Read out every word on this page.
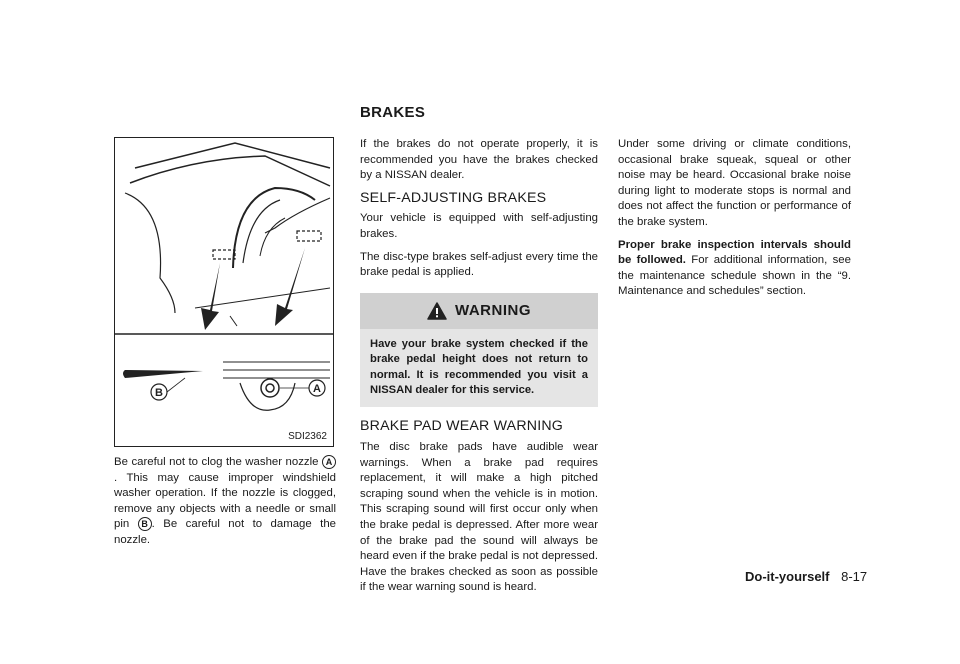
B	A
SDI2362

Be careful not to clog the washer nozzle A. This may cause improper windshield washer operation. If the nozzle is clogged, remove any objects with a needle or small pin B . Be careful not to damage the nozzle.

BRAKES

If the brakes do not operate properly, it is recommended you have the brakes checked by a NISSAN dealer.

SELF-ADJUSTING BRAKES

Your vehicle is equipped with self-adjusting brakes.

The disc-type brakes self-adjust every time the brake pedal is applied.

WARNING
Have your brake system checked if the brake pedal height does not return to normal. It is recommended you visit a NISSAN dealer for this service.
BRAKE PAD WEAR WARNING

The disc brake pads have audible wear warnings. When a brake pad requires replacement, it will make a high pitched scraping sound when the vehicle is in motion. This scraping sound will first occur only when the brake pedal is depressed. After more wear of the brake pad the sound will always be heard even if the brake pedal is not depressed. Have the brakes checked as soon as possible if the wear warning sound is heard.

Under some driving or climate conditions, occasional brake squeak, squeal or other noise may be heard. Occasional brake noise during light to moderate stops is normal and does not affect the function or performance of the brake system.

Proper brake inspection intervals should be followed. For additional information, see the maintenance schedule shown in the “9. Maintenance and schedules” section.

Do-it-yourself 8-17
